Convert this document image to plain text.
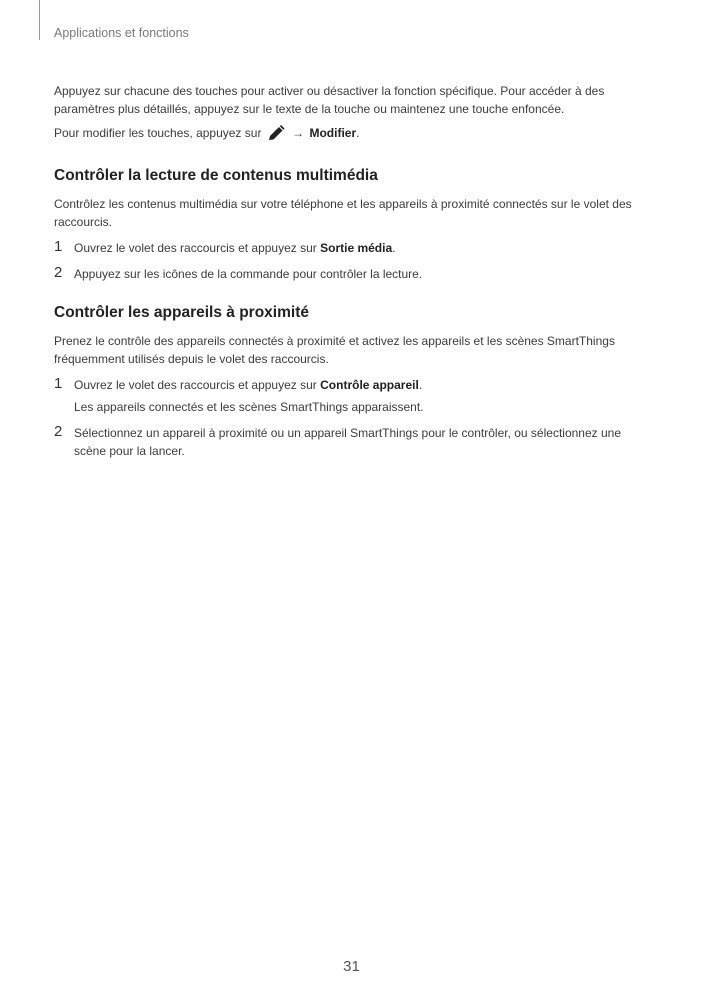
Applications et fonctions

Appuyez sur chacune des touches pour activer ou désactiver la fonction spécifique. Pour accéder à des paramètres plus détaillés, appuyez sur le texte de la touche ou maintenez une touche enfoncée.

Pour modifier les touches, appuyez sur	→ Modifier.

Contrôler la lecture de contenus multimédia

Contrôlez les contenus multimédia sur votre téléphone et les appareils à proximité connectés sur le volet des raccourcis.

1 Ouvrez le volet des raccourcis et appuyez sur Sortie média.
2 Appuyez sur les icônes de la commande pour contrôler la lecture.
Contrôler les appareils à proximité

Prenez le contrôle des appareils connectés à proximité et activez les appareils et les scènes SmartThings fréquemment utilisés depuis le volet des raccourcis.

1 Ouvrez le volet des raccourcis et appuyez sur Contrôle appareil.
Les appareils connectés et les scènes SmartThings apparaissent.
2 Sélectionnez un appareil à proximité ou un appareil SmartThings pour le contrôler, ou sélectionnez une scène pour la lancer.
31
